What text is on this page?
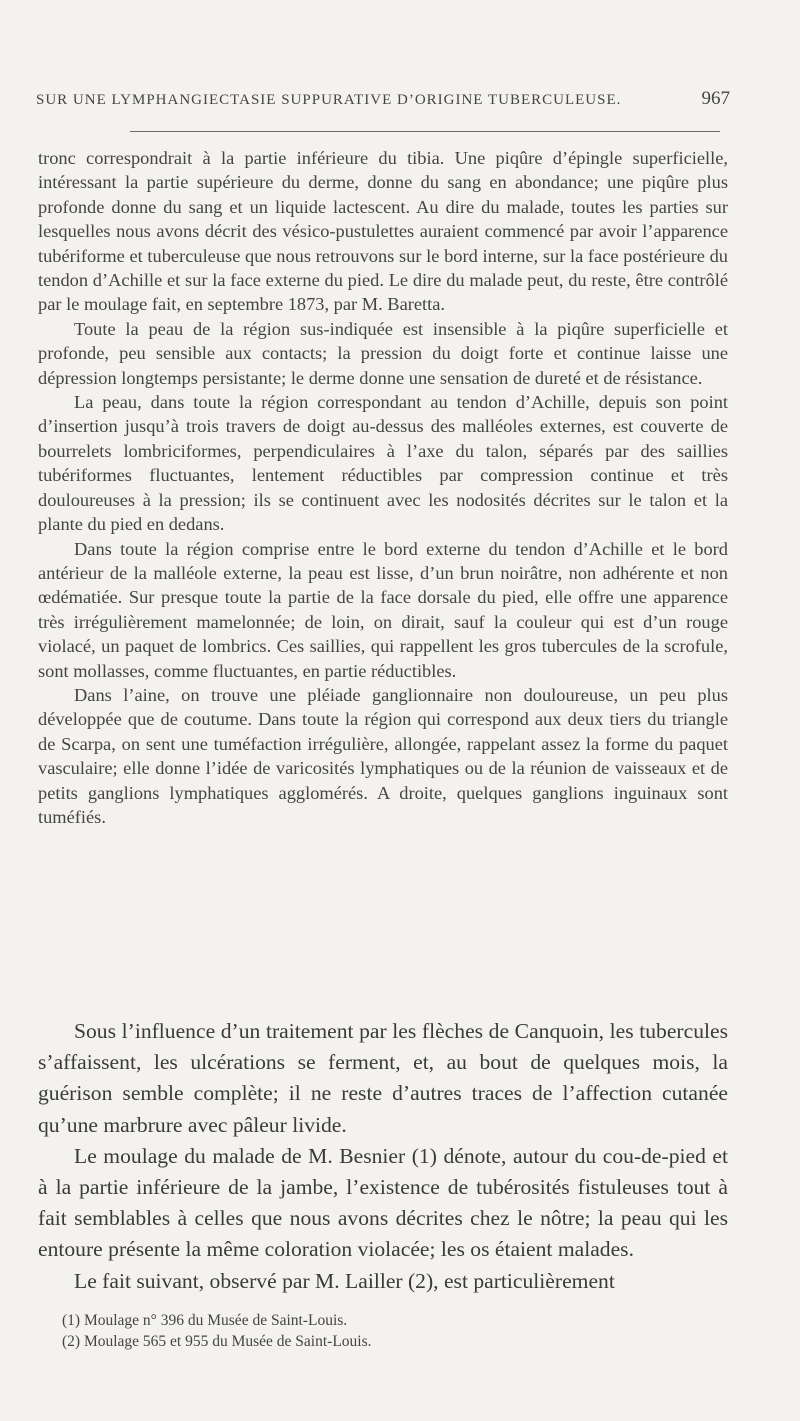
SUR UNE LYMPHANGIECTASIE SUPPURATIVE D’ORIGINE TUBERCULEUSE.	967

tronc correspondrait à la partie inférieure du tibia. Une piqûre d’épingle superficielle, intéressant la partie supérieure du derme, donne du sang en abondance; une piqûre plus profonde donne du sang et un liquide lactescent. Au dire du malade, toutes les parties sur lesquelles nous avons décrit des vésico-pustulettes auraient commencé par avoir l’apparence tubériforme et tuberculeuse que nous retrouvons sur le bord interne, sur la face postérieure du tendon d’Achille et sur la face externe du pied. Le dire du malade peut, du reste, être contrôlé par le moulage fait, en septembre 1873, par M. Baretta.

Toute la peau de la région sus-indiquée est insensible à la piqûre superficielle et profonde, peu sensible aux contacts; la pression du doigt forte et continue laisse une dépression longtemps persistante; le derme donne une sensation de dureté et de résistance.

La peau, dans toute la région correspondant au tendon d’Achille, depuis son point d’insertion jusqu’à trois travers de doigt au-dessus des malléoles externes, est couverte de bourrelets lombriciformes, perpendiculaires à l’axe du talon, séparés par des saillies tubériformes fluctuantes, lentement réductibles par compression continue et très douloureuses à la pression; ils se continuent avec les nodosités décrites sur le talon et la plante du pied en dedans.

Dans toute la région comprise entre le bord externe du tendon d’Achille et le bord antérieur de la malléole externe, la peau est lisse, d’un brun noirâtre, non adhérente et non œdématiée. Sur presque toute la partie de la face dorsale du pied, elle offre une apparence très irrégulièrement mamelonnée; de loin, on dirait, sauf la couleur qui est d’un rouge violacé, un paquet de lombrics. Ces saillies, qui rappellent les gros tubercules de la scrofule, sont mollasses, comme fluctuantes, en partie réductibles.

Dans l’aine, on trouve une pléiade ganglionnaire non douloureuse, un peu plus développée que de coutume. Dans toute la région qui correspond aux deux tiers du triangle de Scarpa, on sent une tuméfaction irrégulière, allongée, rappelant assez la forme du paquet vasculaire; elle donne l’idée de varicosités lymphatiques ou de la réunion de vaisseaux et de petits ganglions lymphatiques agglomérés. A droite, quelques ganglions inguinaux sont tuméfiés.

Sous l’influence d’un traitement par les flèches de Canquoin, les tubercules s’affaissent, les ulcérations se ferment, et, au bout de quelques mois, la guérison semble complète; il ne reste d’autres traces de l’affection cutanée qu’une marbrure avec pâleur livide.

Le moulage du malade de M. Besnier (1) dénote, autour du cou-de-pied et à la partie inférieure de la jambe, l’existence de tubérosités fistuleuses tout à fait semblables à celles que nous avons décrites chez le nôtre; la peau qui les entoure présente la même coloration violacée; les os étaient malades.

Le fait suivant, observé par M. Lailler (2), est particulièrement

(1) Moulage n° 396 du Musée de Saint-Louis.
(2) Moulage 565 et 955 du Musée de Saint-Louis.
